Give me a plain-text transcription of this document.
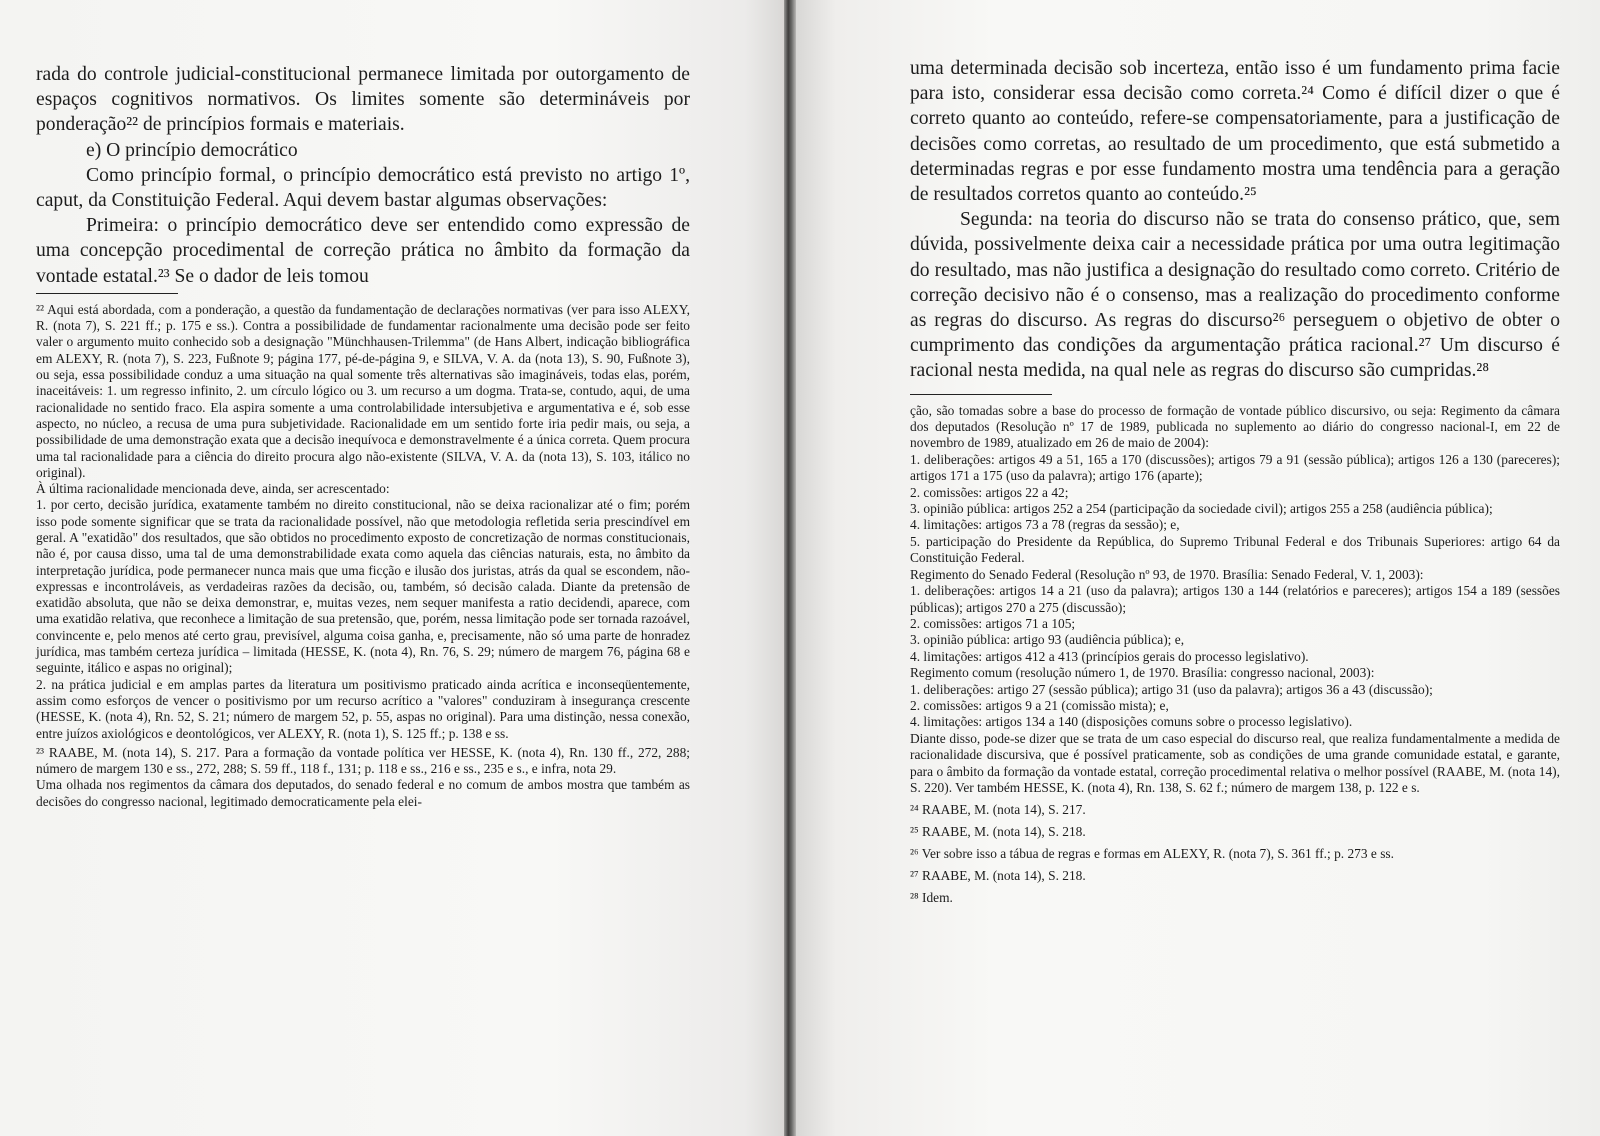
rada do controle judicial-constitucional permanece limitada por outorgamento de espaços cognitivos normativos. Os limites somente são determináveis por ponderação²² de princípios formais e materiais.

e) O princípio democrático

Como princípio formal, o princípio democrático está previsto no artigo 1º, caput, da Constituição Federal. Aqui devem bastar algumas observações:

Primeira: o princípio democrático deve ser entendido como expressão de uma concepção procedimental de correção prática no âmbito da formação da vontade estatal.²³ Se o dador de leis tomou

²² Aqui está abordada, com a ponderação, a questão da fundamentação de declarações normativas (ver para isso ALEXY, R. (nota 7), S. 221 ff.; p. 175 e ss.). Contra a possibilidade de fundamentar racionalmente uma decisão pode ser feito valer o argumento muito conhecido sob a designação "Münchhausen-Trilemma" (de Hans Albert, indicação bibliográfica em ALEXY, R. (nota 7), S. 223, Fußnote 9; página 177, pé-de-página 9, e SILVA, V. A. da (nota 13), S. 90, Fußnote 3), ou seja, essa possibilidade conduz a uma situação na qual somente três alternativas são imagináveis, todas elas, porém, inaceitáveis: 1. um regresso infinito, 2. um círculo lógico ou 3. um recurso a um dogma. Trata-se, contudo, aqui, de uma racionalidade no sentido fraco. Ela aspira somente a uma controlabilidade intersubjetiva e argumentativa e é, sob esse aspecto, no núcleo, a recusa de uma pura subjetividade. Racionalidade em um sentido forte iria pedir mais, ou seja, a possibilidade de uma demonstração exata que a decisão inequívoca e demonstravelmente é a única correta. Quem procura uma tal racionalidade para a ciência do direito procura algo não-existente (SILVA, V. A. da (nota 13), S. 103, itálico no original).

À última racionalidade mencionada deve, ainda, ser acrescentado:

1. por certo, decisão jurídica, exatamente também no direito constitucional, não se deixa racionalizar até o fim; porém isso pode somente significar que se trata da racionalidade possível, não que metodologia refletida seria prescindível em geral. A "exatidão" dos resultados, que são obtidos no procedimento exposto de concretização de normas constitucionais, não é, por causa disso, uma tal de uma demonstrabilidade exata como aquela das ciências naturais, esta, no âmbito da interpretação jurídica, pode permanecer nunca mais que uma ficção e ilusão dos juristas, atrás da qual se escondem, não-expressas e incontroláveis, as verdadeiras razões da decisão, ou, também, só decisão calada. Diante da pretensão de exatidão absoluta, que não se deixa demonstrar, e, muitas vezes, nem sequer manifesta a ratio decidendi, aparece, com uma exatidão relativa, que reconhece a limitação de sua pretensão, que, porém, nessa limitação pode ser tornada razoável, convincente e, pelo menos até certo grau, previsível, alguma coisa ganha, e, precisamente, não só uma parte de honradez jurídica, mas também certeza jurídica – limitada (HESSE, K. (nota 4), Rn. 76, S. 29; número de margem 76, página 68 e seguinte, itálico e aspas no original);

2. na prática judicial e em amplas partes da literatura um positivismo praticado ainda acrítica e inconseqüentemente, assim como esforços de vencer o positivismo por um recurso acrítico a "valores" conduziram à insegurança crescente (HESSE, K. (nota 4), Rn. 52, S. 21; número de margem 52, p. 55, aspas no original). Para uma distinção, nessa conexão, entre juízos axiológicos e deontológicos, ver ALEXY, R. (nota 1), S. 125 ff.; p. 138 e ss.

²³ RAABE, M. (nota 14), S. 217. Para a formação da vontade política ver HESSE, K. (nota 4), Rn. 130 ff., 272, 288; número de margem 130 e ss., 272, 288; S. 59 ff., 118 f., 131; p. 118 e ss., 216 e ss., 235 e s., e infra, nota 29.

Uma olhada nos regimentos da câmara dos deputados, do senado federal e no comum de ambos mostra que também as decisões do congresso nacional, legitimado democraticamente pela elei-

uma determinada decisão sob incerteza, então isso é um fundamento prima facie para isto, considerar essa decisão como correta.²⁴ Como é difícil dizer o que é correto quanto ao conteúdo, refere-se compensatoriamente, para a justificação de decisões como corretas, ao resultado de um procedimento, que está submetido a determinadas regras e por esse fundamento mostra uma tendência para a geração de resultados corretos quanto ao conteúdo.²⁵

Segunda: na teoria do discurso não se trata do consenso prático, que, sem dúvida, possivelmente deixa cair a necessidade prática por uma outra legitimação do resultado, mas não justifica a designação do resultado como correto. Critério de correção decisivo não é o consenso, mas a realização do procedimento conforme as regras do discurso. As regras do discurso²⁶ perseguem o objetivo de obter o cumprimento das condições da argumentação prática racional.²⁷ Um discurso é racional nesta medida, na qual nele as regras do discurso são cumpridas.²⁸

ção, são tomadas sobre a base do processo de formação de vontade público discursivo, ou seja: Regimento da câmara dos deputados (Resolução nº 17 de 1989, publicada no suplemento ao diário do congresso nacional-I, em 22 de novembro de 1989, atualizado em 26 de maio de 2004):

1. deliberações: artigos 49 a 51, 165 a 170 (discussões); artigos 79 a 91 (sessão pública); artigos 126 a 130 (pareceres); artigos 171 a 175 (uso da palavra); artigo 176 (aparte);

2. comissões: artigos 22 a 42;

3. opinião pública: artigos 252 a 254 (participação da sociedade civil); artigos 255 a 258 (audiência pública);

4. limitações: artigos 73 a 78 (regras da sessão); e,

5. participação do Presidente da República, do Supremo Tribunal Federal e dos Tribunais Superiores: artigo 64 da Constituição Federal.

Regimento do Senado Federal (Resolução nº 93, de 1970. Brasília: Senado Federal, V. 1, 2003):

1. deliberações: artigos 14 a 21 (uso da palavra); artigos 130 a 144 (relatórios e pareceres); artigos 154 a 189 (sessões públicas); artigos 270 a 275 (discussão);

2. comissões: artigos 71 a 105;

3. opinião pública: artigo 93 (audiência pública); e,

4. limitações: artigos 412 a 413 (princípios gerais do processo legislativo).

Regimento comum (resolução número 1, de 1970. Brasília: congresso nacional, 2003):

1. deliberações: artigo 27 (sessão pública); artigo 31 (uso da palavra); artigos 36 a 43 (discussão);

2. comissões: artigos 9 a 21 (comissão mista); e,

4. limitações: artigos 134 a 140 (disposições comuns sobre o processo legislativo).

Diante disso, pode-se dizer que se trata de um caso especial do discurso real, que realiza fundamentalmente a medida de racionalidade discursiva, que é possível praticamente, sob as condições de uma grande comunidade estatal, e garante, para o âmbito da formação da vontade estatal, correção procedimental relativa o melhor possível (RAABE, M. (nota 14), S. 220). Ver também HESSE, K. (nota 4), Rn. 138, S. 62 f.; número de margem 138, p. 122 e s.

²⁴ RAABE, M. (nota 14), S. 217.

²⁵ RAABE, M. (nota 14), S. 218.

²⁶ Ver sobre isso a tábua de regras e formas em ALEXY, R. (nota 7), S. 361 ff.; p. 273 e ss.

²⁷ RAABE, M. (nota 14), S. 218.

²⁸ Idem.
